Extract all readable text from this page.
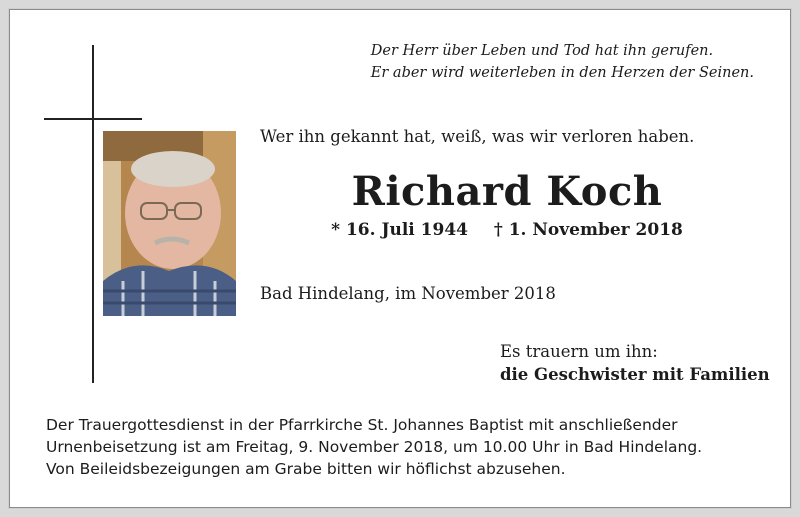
Der Herr über Leben und Tod hat ihn gerufen.
Er aber wird weiterleben in den Herzen der Seinen.
Wer ihn gekannt hat, weiß, was wir verloren haben.
Richard Koch
* 16. Juli 1944 † 1. November 2018
Bad Hindelang, im November 2018
Es trauern um ihn:
die Geschwister mit Familien
Der Trauergottesdienst in der Pfarrkirche St. Johannes Baptist mit anschließender
Urnenbeisetzung ist am Freitag, 9. November 2018, um 10.00 Uhr in Bad Hindelang.
Von Beileidsbezeigungen am Grabe bitten wir höflichst abzusehen.
